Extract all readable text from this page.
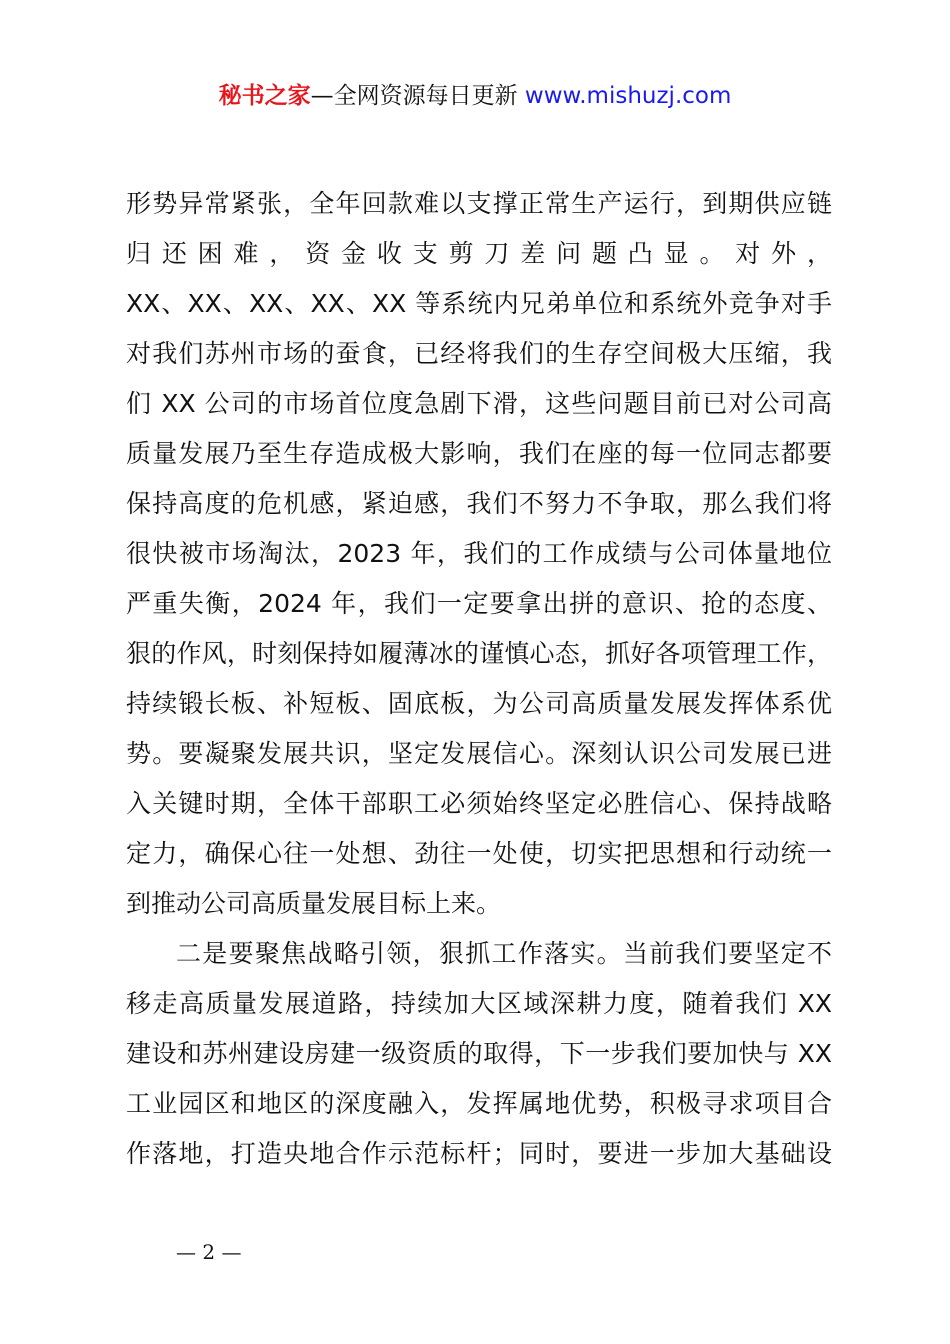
秘书之家—全网资源每日更新 www.mishuzj.com
形势异常紧张，全年回款难以支撑正常生产运行，到期供应链
归还困难，资金收支剪刀差问题凸显。对外，
XX、XX、XX、XX、XX 等系统内兄弟单位和系统外竞争对手
对我们苏州市场的蚕食，已经将我们的生存空间极大压缩，我
们 XX 公司的市场首位度急剧下滑，这些问题目前已对公司高
质量发展乃至生存造成极大影响，我们在座的每一位同志都要
保持高度的危机感，紧迫感，我们不努力不争取，那么我们将
很快被市场淘汰，2023 年，我们的工作成绩与公司体量地位
严重失衡，2024 年，我们一定要拿出拼的意识、抢的态度、
狠的作风，时刻保持如履薄冰的谨慎心态，抓好各项管理工作，
持续锻长板、补短板、固底板，为公司高质量发展发挥体系优
势。要凝聚发展共识，坚定发展信心。深刻认识公司发展已进
入关键时期，全体干部职工必须始终坚定必胜信心、保持战略
定力，确保心往一处想、劲往一处使，切实把思想和行动统一
到推动公司高质量发展目标上来。
二是要聚焦战略引领，狠抓工作落实。当前我们要坚定不
移走高质量发展道路，持续加大区域深耕力度，随着我们 XX
建设和苏州建设房建一级资质的取得，下一步我们要加快与 XX
工业园区和地区的深度融入，发挥属地优势，积极寻求项目合
作落地，打造央地合作示范标杆；同时，要进一步加大基础设
— 2 —
